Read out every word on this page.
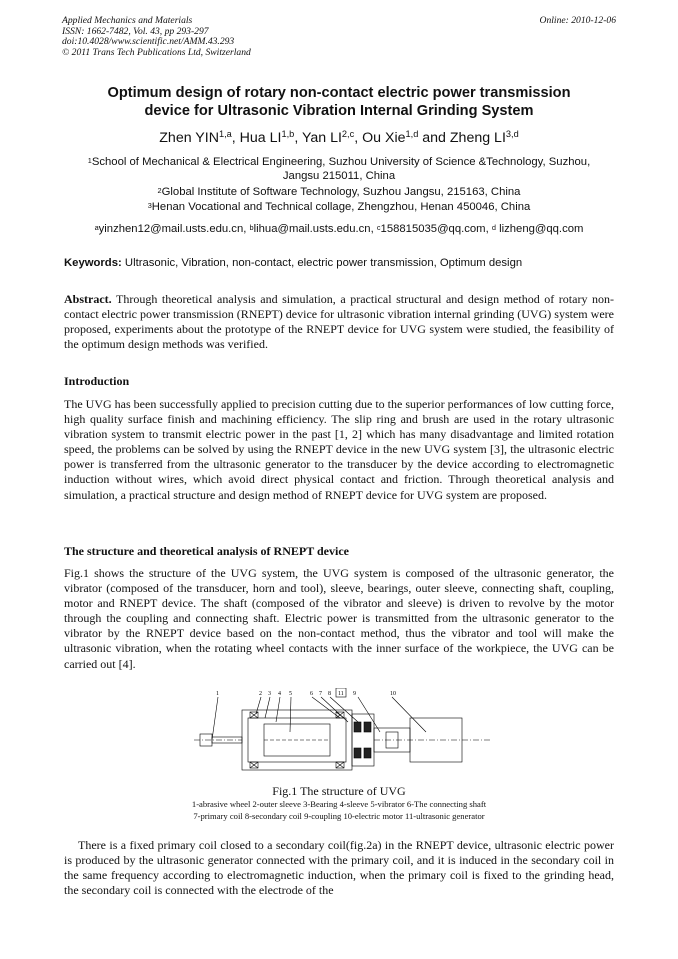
Applied Mechanics and Materials
ISSN: 1662-7482, Vol. 43, pp 293-297
doi:10.4028/www.scientific.net/AMM.43.293
© 2011 Trans Tech Publications Ltd, Switzerland
Online: 2010-12-06
Optimum design of rotary non-contact electric power transmission
device for Ultrasonic Vibration Internal Grinding System
Zhen YIN$^{1,a}$, Hua LI$^{1,b}$, Yan LI$^{2,c}$, Ou Xie$^{1,d}$ and Zheng LI$^{3,d}$
$^1$School of Mechanical & Electrical Engineering, Suzhou University of Science &Technology, Suzhou,
Jangsu 215011, China
$^2$Global Institute of Software Technology, Suzhou Jangsu, 215163, China
$^3$Henan Vocational and Technical collage, Zhengzhou, Henan 450046, China
$^a$yinzhen12@mail.usts.edu.cn, $^b$lihua@mail.usts.edu.cn, $^c$158815035@qq.com, $^d$ lizheng@qq.com
Keywords: Ultrasonic, Vibration, non-contact, electric power transmission, Optimum design
Abstract. Through theoretical analysis and simulation, a practical structural and design method of rotary non-contact electric power transmission (RNEPT) device for ultrasonic vibration internal grinding (UVG) system were proposed, experiments about the prototype of the RNEPT device for UVG system were studied, the feasibility of the optimum design methods was verified.
Introduction
The UVG has been successfully applied to precision cutting due to the superior performances of low cutting force, high quality surface finish and machining efficiency. The slip ring and brush are used in the rotary ultrasonic vibration system to transmit electric power in the past [1, 2] which has many disadvantage and limited rotation speed, the problems can be solved by using the RNEPT device in the new UVG system [3], the ultrasonic electric power is transferred from the ultrasonic generator to the transducer by the device according to electromagnetic induction without wires, which avoid direct physical contact and friction. Through theoretical analysis and simulation, a practical structure and design method of RNEPT device for UVG system are proposed.
The structure and theoretical analysis of RNEPT device
Fig.1 shows the structure of the UVG system, the UVG system is composed of the ultrasonic generator, the vibrator (composed of the transducer, horn and tool), sleeve, bearings, outer sleeve, connecting shaft, coupling, motor and RNEPT device. The shaft (composed of the vibrator and sleeve) is driven to revolve by the motor through the coupling and connecting shaft. Electric power is transmitted from the ultrasonic generator to the vibrator by the RNEPT device based on the non-contact method, thus the vibrator and tool will make the ultrasonic vibration, when the rotating wheel contacts with the inner surface of the workpiece, the UVG can be carried out [4].
1	2 3 4 5	6 7 8 11 9	10
Fig.1 The structure of UVG
1-abrasive wheel 2-outer sleeve 3-Bearing 4-sleeve 5-vibrator 6-The connecting shaft
7-primary coil 8-secondary coil 9-coupling 10-electric motor 11-ultrasonic generator
There is a fixed primary coil closed to a secondary coil(fig.2a) in the RNEPT device, ultrasonic electric power is produced by the ultrasonic generator connected with the primary coil, and it is induced in the secondary coil in the same frequency according to electromagnetic induction, when the primary coil is fixed to the grinding head, the secondary coil is connected with the electrode of the
